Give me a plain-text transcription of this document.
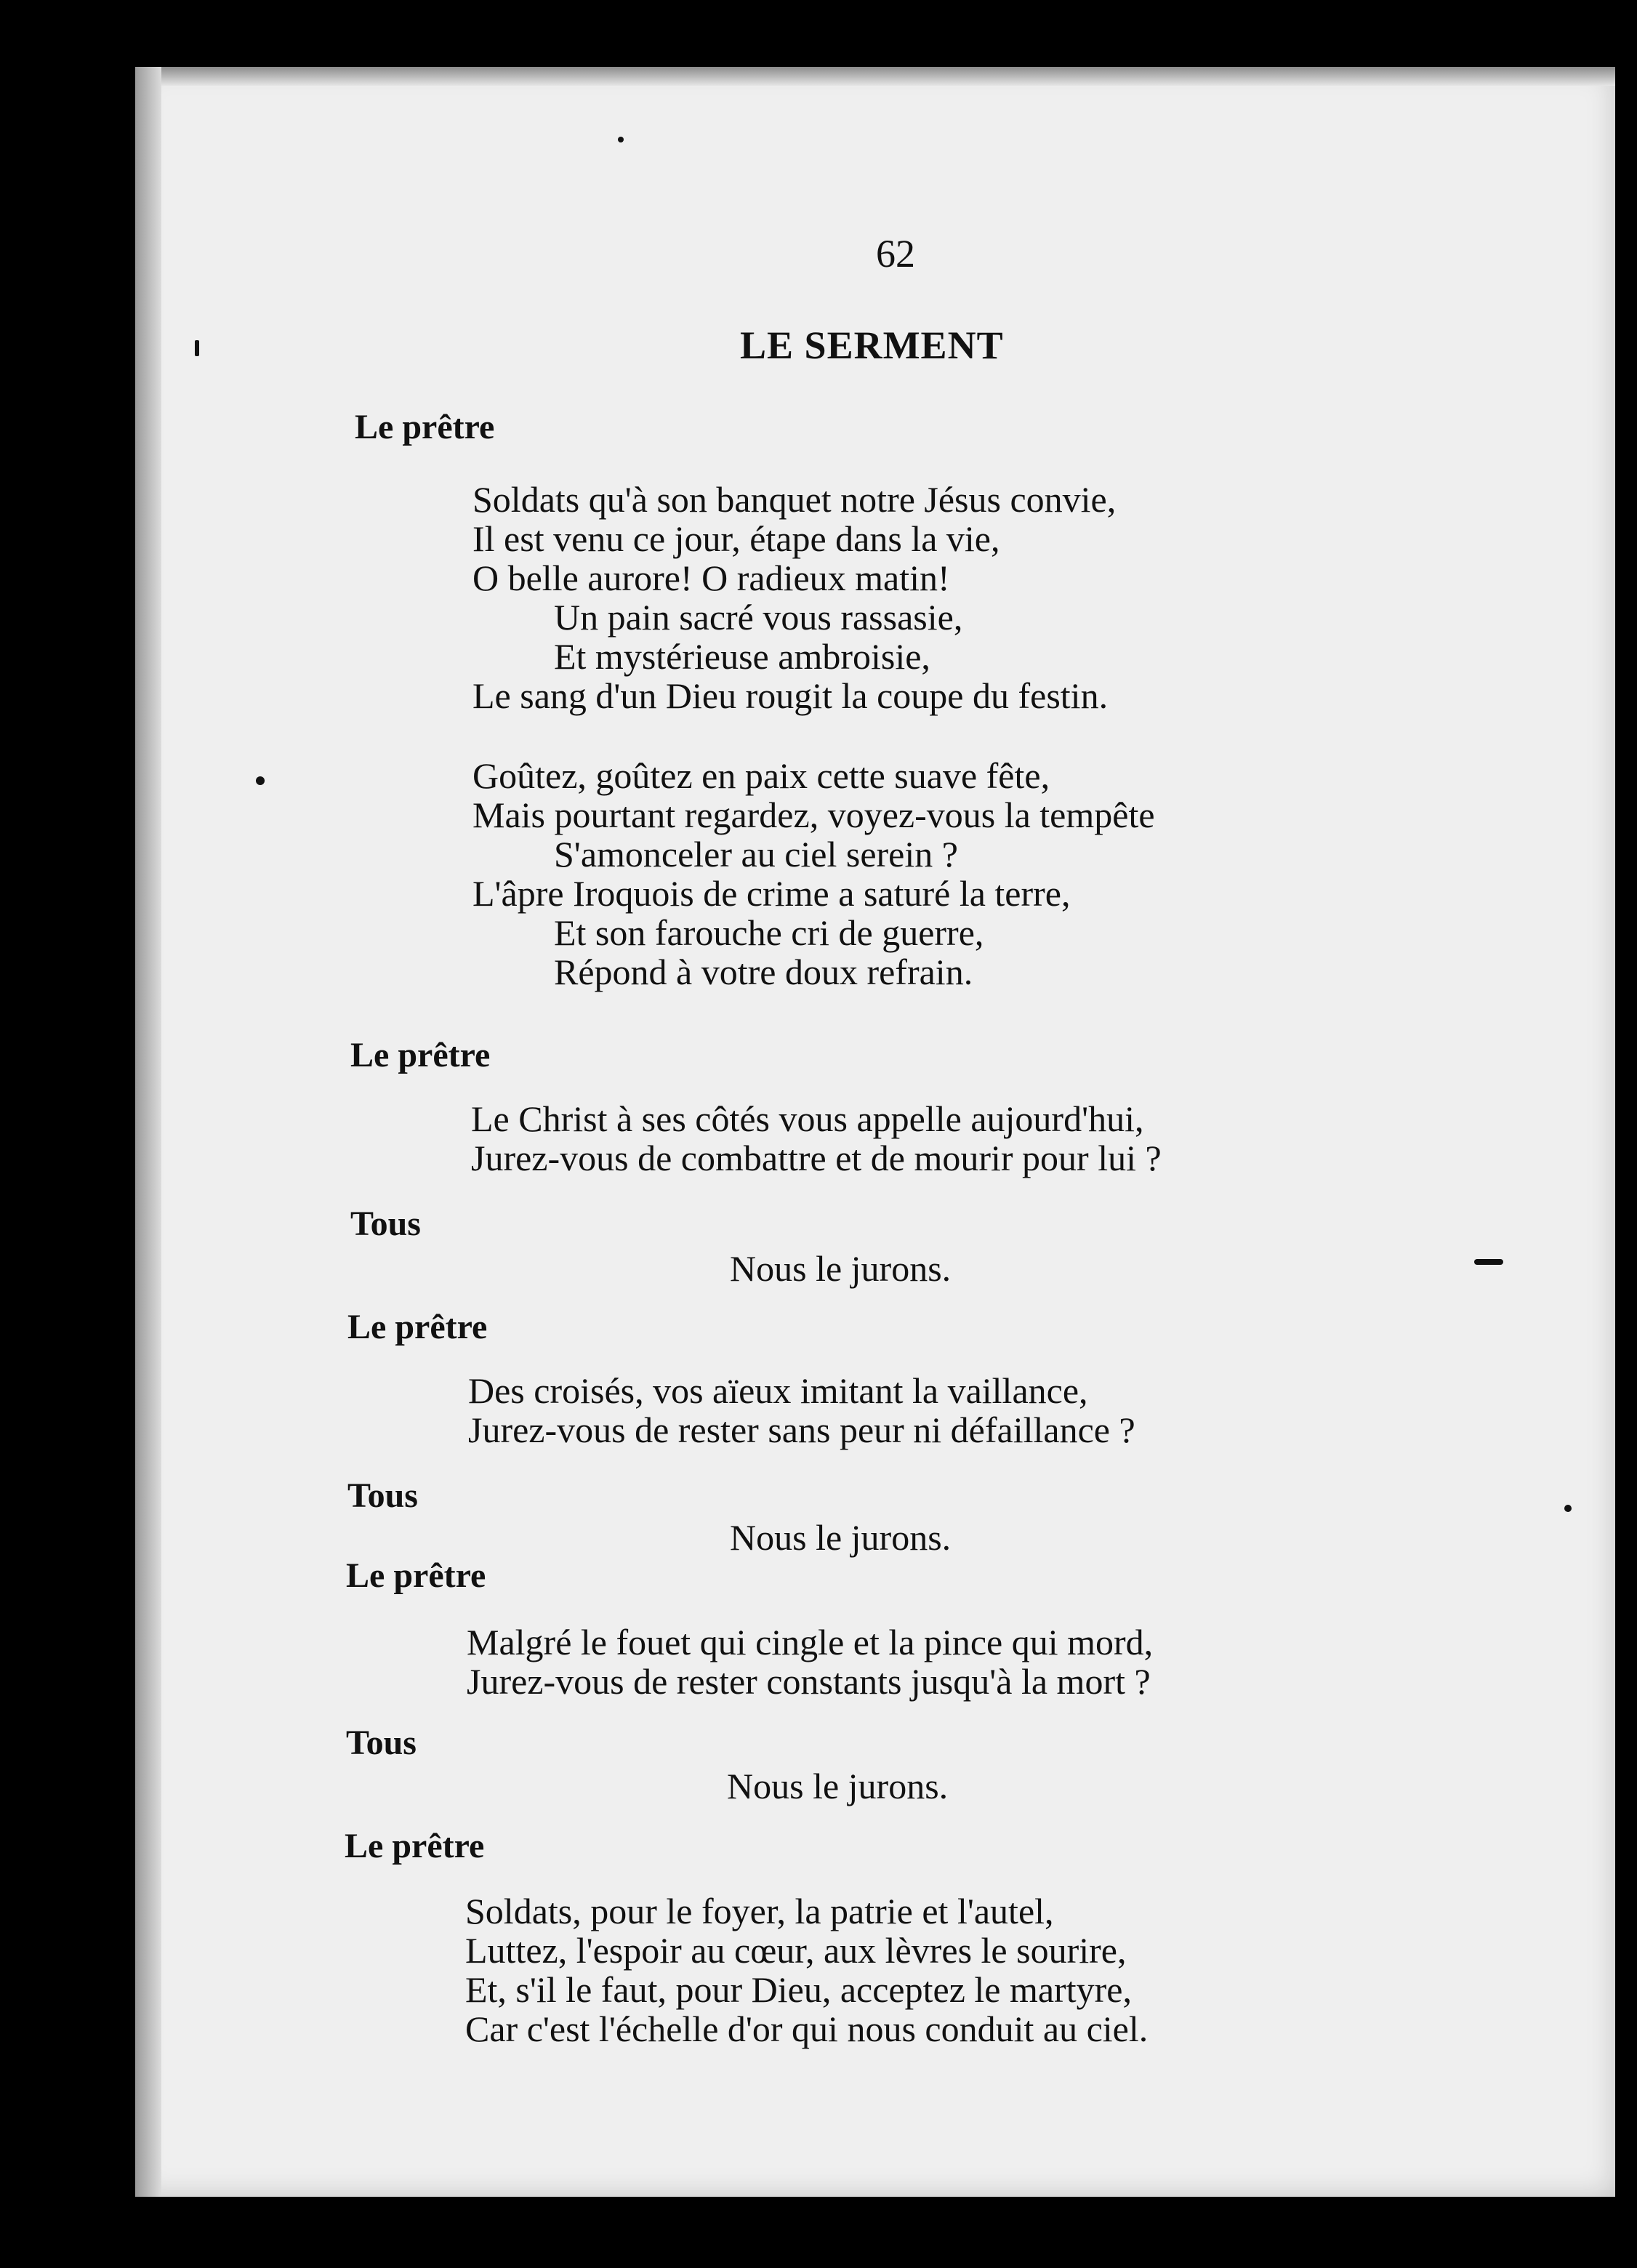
62
LE SERMENT
Le prêtre
Soldats qu'à son banquet notre Jésus convie,
Il est venu ce jour, étape dans la vie,
O belle aurore! O radieux matin!
Un pain sacré vous rassasie,
Et mystérieuse ambroisie,
Le sang d'un Dieu rougit la coupe du festin.
Goûtez, goûtez en paix cette suave fête,
Mais pourtant regardez, voyez-vous la tempête
S'amonceler au ciel serein ?
L'âpre Iroquois de crime a saturé la terre,
Et son farouche cri de guerre,
Répond à votre doux refrain.
Le prêtre
Le Christ à ses côtés vous appelle aujourd'hui,
Jurez-vous de combattre et de mourir pour lui ?
Tous
Nous le jurons.
Le prêtre
Des croisés, vos aïeux imitant la vaillance,
Jurez-vous de rester sans peur ni défaillance ?
Tous
Nous le jurons.
Le prêtre
Malgré le fouet qui cingle et la pince qui mord,
Jurez-vous de rester constants jusqu'à la mort ?
Tous
Nous le jurons.
Le prêtre
Soldats, pour le foyer, la patrie et l'autel,
Luttez, l'espoir au cœur, aux lèvres le sourire,
Et, s'il le faut, pour Dieu, acceptez le martyre,
Car c'est l'échelle d'or qui nous conduit au ciel.
